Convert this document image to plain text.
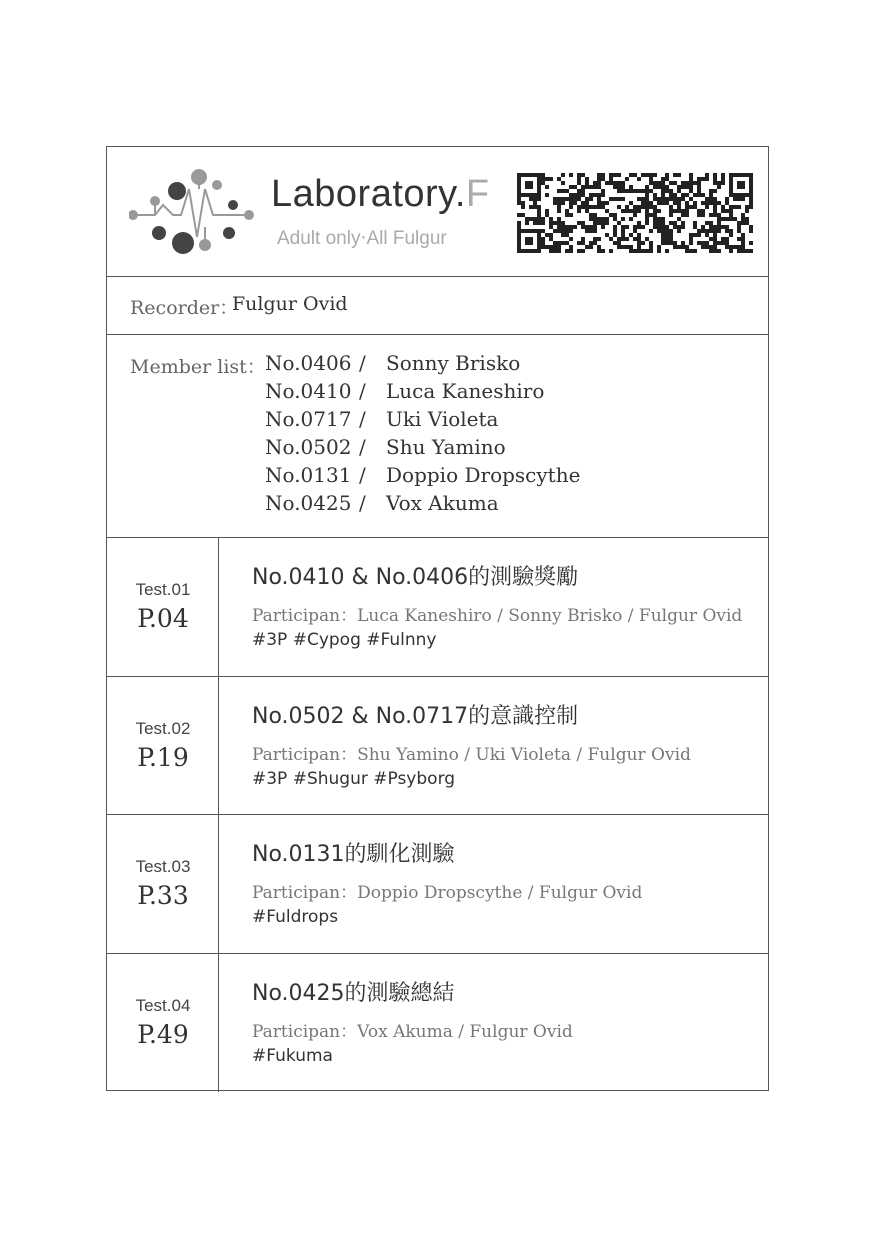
Laboratory.F
Adult only‧All Fulgur
Recorder：
Fulgur Ovid
Member list： No.0406 / Sonny Brisko
No.0410 / Luca Kaneshiro
No.0717 / Uki Violeta
No.0502 / Shu Yamino
No.0131 / Doppio Dropscythe
No.0425 / Vox Akuma
Test.01
P.04
No.0410 & No.0406的測驗獎勵
Participan：Luca Kaneshiro / Sonny Brisko / Fulgur Ovid
#3P #Cypog #Fulnny
Test.02
P.19
No.0502 & No.0717的意識控制
Participan：Shu Yamino / Uki Violeta / Fulgur Ovid
#3P #Shugur #Psyborg
Test.03
P.33
No.0131的馴化測驗
Participan：Doppio Dropscythe / Fulgur Ovid
#Fuldrops
Test.04
P.49
No.0425的測驗總結
Participan：Vox Akuma / Fulgur Ovid
#Fukuma
